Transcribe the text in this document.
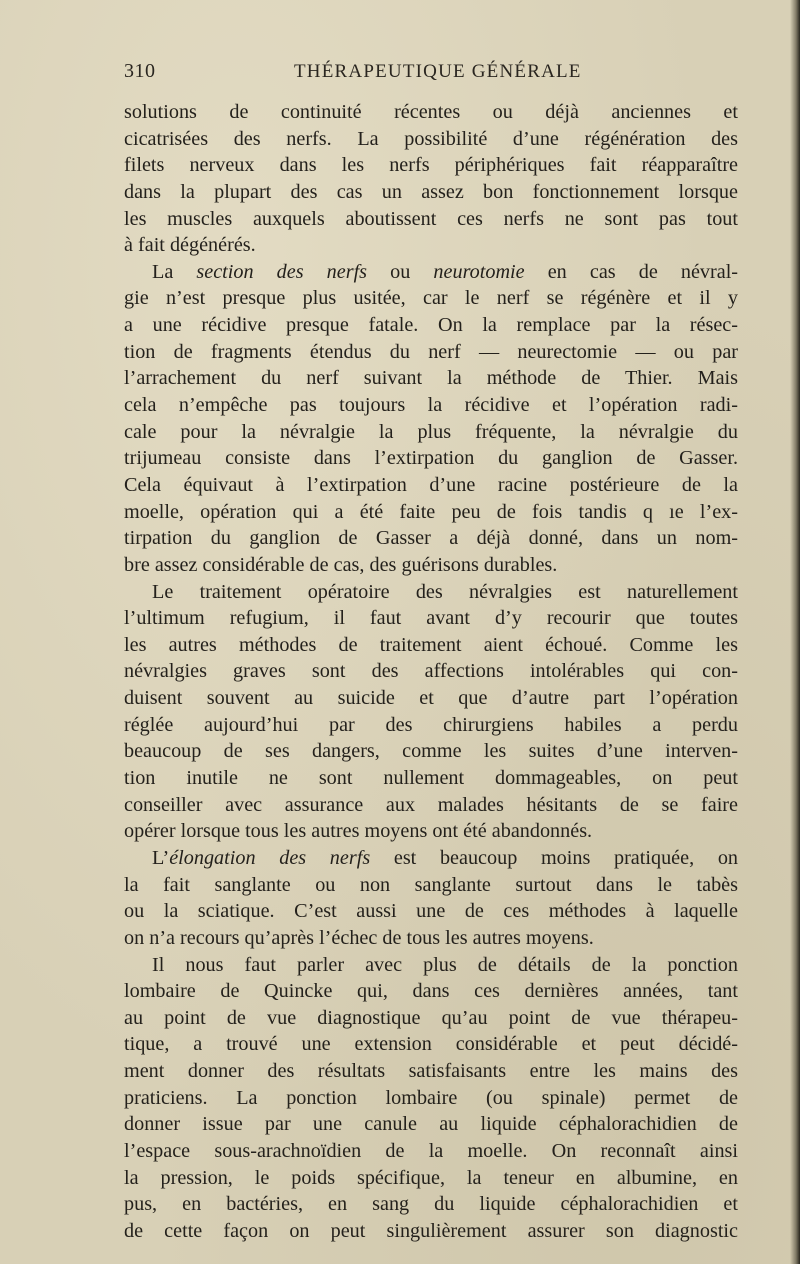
310	THÉRAPEUTIQUE GÉNÉRALE
solutions de continuité récentes ou déjà anciennes et
cicatrisées des nerfs. La possibilité d’une régénération des
filets nerveux dans les nerfs périphériques fait réapparaître
dans la plupart des cas un assez bon fonctionnement lorsque
les muscles auxquels aboutissent ces nerfs ne sont pas tout
à fait dégénérés.
La section des nerfs ou neurotomie en cas de névral-
gie n’est presque plus usitée, car le nerf se régénère et il y
a une récidive presque fatale. On la remplace par la résec-
tion de fragments étendus du nerf — neurectomie — ou par
l’arrachement du nerf suivant la méthode de Thier. Mais
cela n’empêche pas toujours la récidive et l’opération radi-
cale pour la névralgie la plus fréquente, la névralgie du
trijumeau consiste dans l’extirpation du ganglion de Gasser.
Cela équivaut à l’extirpation d’une racine postérieure de la
moelle, opération qui a été faite peu de fois tandis q ıe l’ex-
tirpation du ganglion de Gasser a déjà donné, dans un nom-
bre assez considérable de cas, des guérisons durables.
Le traitement opératoire des névralgies est naturellement
l’ultimum refugium, il faut avant d’y recourir que toutes
les autres méthodes de traitement aient échoué. Comme les
névralgies graves sont des affections intolérables qui con-
duisent souvent au suicide et que d’autre part l’opération
réglée aujourd’hui par des chirurgiens habiles a perdu
beaucoup de ses dangers, comme les suites d’une interven-
tion inutile ne sont nullement dommageables, on peut
conseiller avec assurance aux malades hésitants de se faire
opérer lorsque tous les autres moyens ont été abandonnés.
L’élongation des nerfs est beaucoup moins pratiquée, on
la fait sanglante ou non sanglante surtout dans le tabès
ou la sciatique. C’est aussi une de ces méthodes à laquelle
on n’a recours qu’après l’échec de tous les autres moyens.
Il nous faut parler avec plus de détails de la ponction
lombaire de Quincke qui, dans ces dernières années, tant
au point de vue diagnostique qu’au point de vue thérapeu-
tique, a trouvé une extension considérable et peut décidé-
ment donner des résultats satisfaisants entre les mains des
praticiens. La ponction lombaire (ou spinale) permet de
donner issue par une canule au liquide céphalorachidien de
l’espace sous-arachnoïdien de la moelle. On reconnaît ainsi
la pression, le poids spécifique, la teneur en albumine, en
pus, en bactéries, en sang du liquide céphalorachidien et
de cette façon on peut singulièrement assurer son diagnostic
